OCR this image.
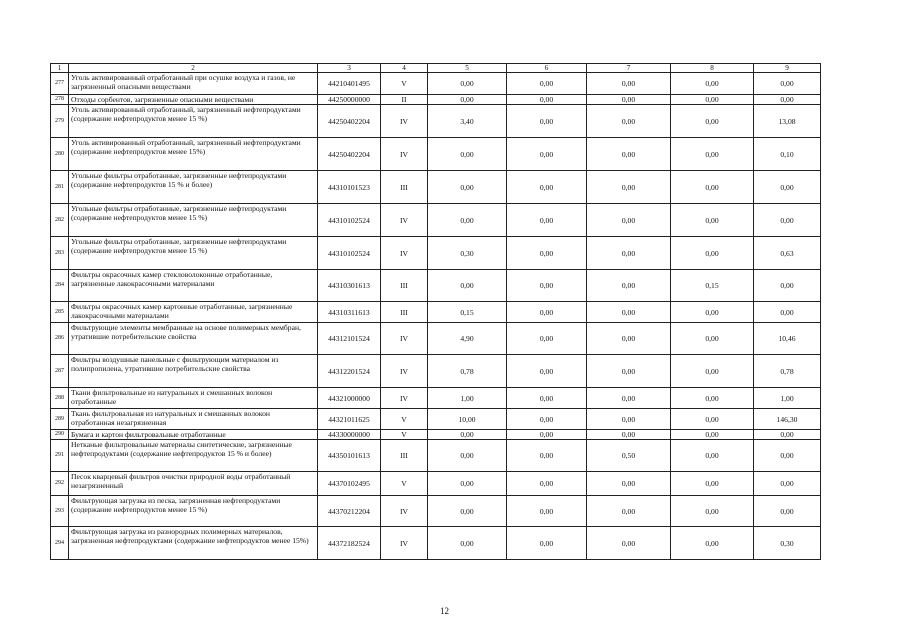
1	2	3	4	5	6	7	8	9
277	Уголь активированный отработанный при осушке воздуха и газов, не загрязненный опасными веществами	44210401495	V	0,00	0,00	0,00	0,00	0,00
278	Отходы сорбентов, загрязненные опасными веществами	44250000000	II	0,00	0,00	0,00	0,00	0,00
279	Уголь активированный отработанный, загрязненный нефтепродуктами (содержание нефтепродуктов менее 15 %)	44250402204	IV	3,40	0,00	0,00	0,00	13,08
280	Уголь активированный отработанный, загрязненный нефтепродуктами (содержание нефтепродуктов менее 15%)	44250402204	IV	0,00	0,00	0,00	0,00	0,10
281	Угольные фильтры отработанные, загрязненные нефтепродуктами (содержание нефтепродуктов 15 % и более)	44310101523	III	0,00	0,00	0,00	0,00	0,00
282	Угольные фильтры отработанные, загрязненные нефтепродуктами (содержание нефтепродуктов менее 15 %)	44310102524	IV	0,00	0,00	0,00	0,00	0,00
283	Угольные фильтры отработанные, загрязненные нефтепродуктами (содержание нефтепродуктов менее 15 %)	44310102524	IV	0,30	0,00	0,00	0,00	0,63
284	Фильтры окрасочных камер стекловолоконные отработанные, загрязненные лакокрасочными материалами	44310301613	III	0,00	0,00	0,00	0,15	0,00
285	Фильтры окрасочных камер картонные отработанные, загрязненные лакокрасочными материалами	44310311613	III	0,15	0,00	0,00	0,00	0,00
286	Фильтрующие элементы мембранные на основе полимерных мембран, утратившие потребительские свойства	44312101524	IV	4,90	0,00	0,00	0,00	10,46
287	Фильтры воздушные панельные с фильтрующим материалом из полипропилена, утратившие потребительские свойства	44312201524	IV	0,78	0,00	0,00	0,00	0,78
288	Ткани фильтровальные из натуральных и смешанных волокон отработанные	44321000000	IV	1,00	0,00	0,00	0,00	1,00
289	Ткань фильтровальная из натуральных и смешанных волокон отработанная незагрязненная	44321011625	V	10,00	0,00	0,00	0,00	146,30
290	Бумага и картон фильтровальные отработанные	44330000000	V	0,00	0,00	0,00	0,00	0,00
291	Нетканые фильтровальные материалы синтетические, загрязненные нефтепродуктами (содержание нефтепродуктов 15 % и более)	44350101613	III	0,00	0,00	0,50	0,00	0,00
292	Песок кварцевый фильтров очистки природной воды отработанный незагрязненный	44370102495	V	0,00	0,00	0,00	0,00	0,00
293	Фильтрующая загрузка из песка, загрязненная нефтепродуктами (содержание нефтепродуктов менее 15 %)	44370212204	IV	0,00	0,00	0,00	0,00	0,00
294	Фильтрующая загрузка из разнородных полимерных материалов, загрязненная нефтепродуктами (содержание нефтепродуктов менее 15%)	44372182524	IV	0,00	0,00	0,00	0,00	0,30
12
